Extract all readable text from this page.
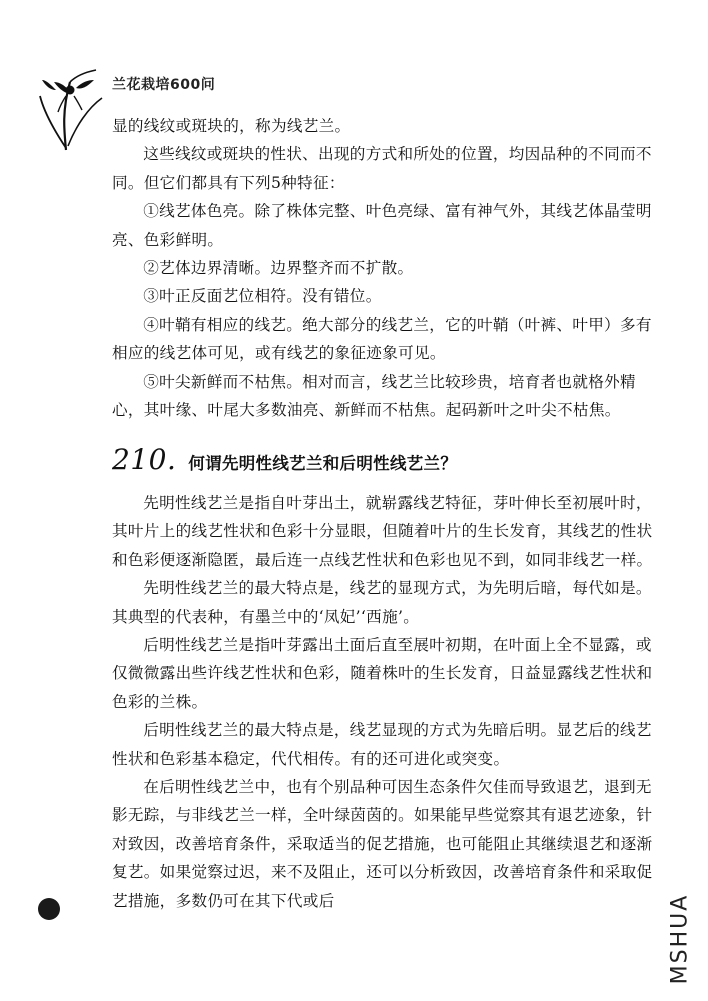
兰花栽培600问

显的线纹或斑块的，称为线艺兰。

这些线纹或斑块的性状、出现的方式和所处的位置，均因品种的不同而不同。但它们都具有下列5种特征：

①线艺体色亮。除了株体完整、叶色亮绿、富有神气外，其线艺体晶莹明亮、色彩鲜明。

②艺体边界清晰。边界整齐而不扩散。

③叶正反面艺位相符。没有错位。

④叶鞘有相应的线艺。绝大部分的线艺兰，它的叶鞘（叶裤、叶甲）多有相应的线艺体可见，或有线艺的象征迹象可见。

⑤叶尖新鲜而不枯焦。相对而言，线艺兰比较珍贵，培育者也就格外精心，其叶缘、叶尾大多数油亮、新鲜而不枯焦。起码新叶之叶尖不枯焦。

210. 何谓先明性线艺兰和后明性线艺兰？

先明性线艺兰是指自叶芽出土，就崭露线艺特征，芽叶伸长至初展叶时，其叶片上的线艺性状和色彩十分显眼，但随着叶片的生长发育，其线艺的性状和色彩便逐渐隐匿，最后连一点线艺性状和色彩也见不到，如同非线艺一样。

先明性线艺兰的最大特点是，线艺的显现方式，为先明后暗，每代如是。其典型的代表种，有墨兰中的‘凤妃’‘西施’。

后明性线艺兰是指叶芽露出土面后直至展叶初期，在叶面上全不显露，或仅微微露出些许线艺性状和色彩，随着株叶的生长发育，日益显露线艺性状和色彩的兰株。

后明性线艺兰的最大特点是，线艺显现的方式为先暗后明。显艺后的线艺性状和色彩基本稳定，代代相传。有的还可进化或突变。

在后明性线艺兰中，也有个别品种可因生态条件欠佳而导致退艺，退到无影无踪，与非线艺兰一样，全叶绿茵茵的。如果能早些觉察其有退艺迹象，针对致因，改善培育条件，采取适当的促艺措施，也可能阻止其继续退艺和逐渐复艺。如果觉察过迟，来不及阻止，还可以分析致因，改善培育条件和采取促艺措施，多数仍可在其下代或后	MSHUA
